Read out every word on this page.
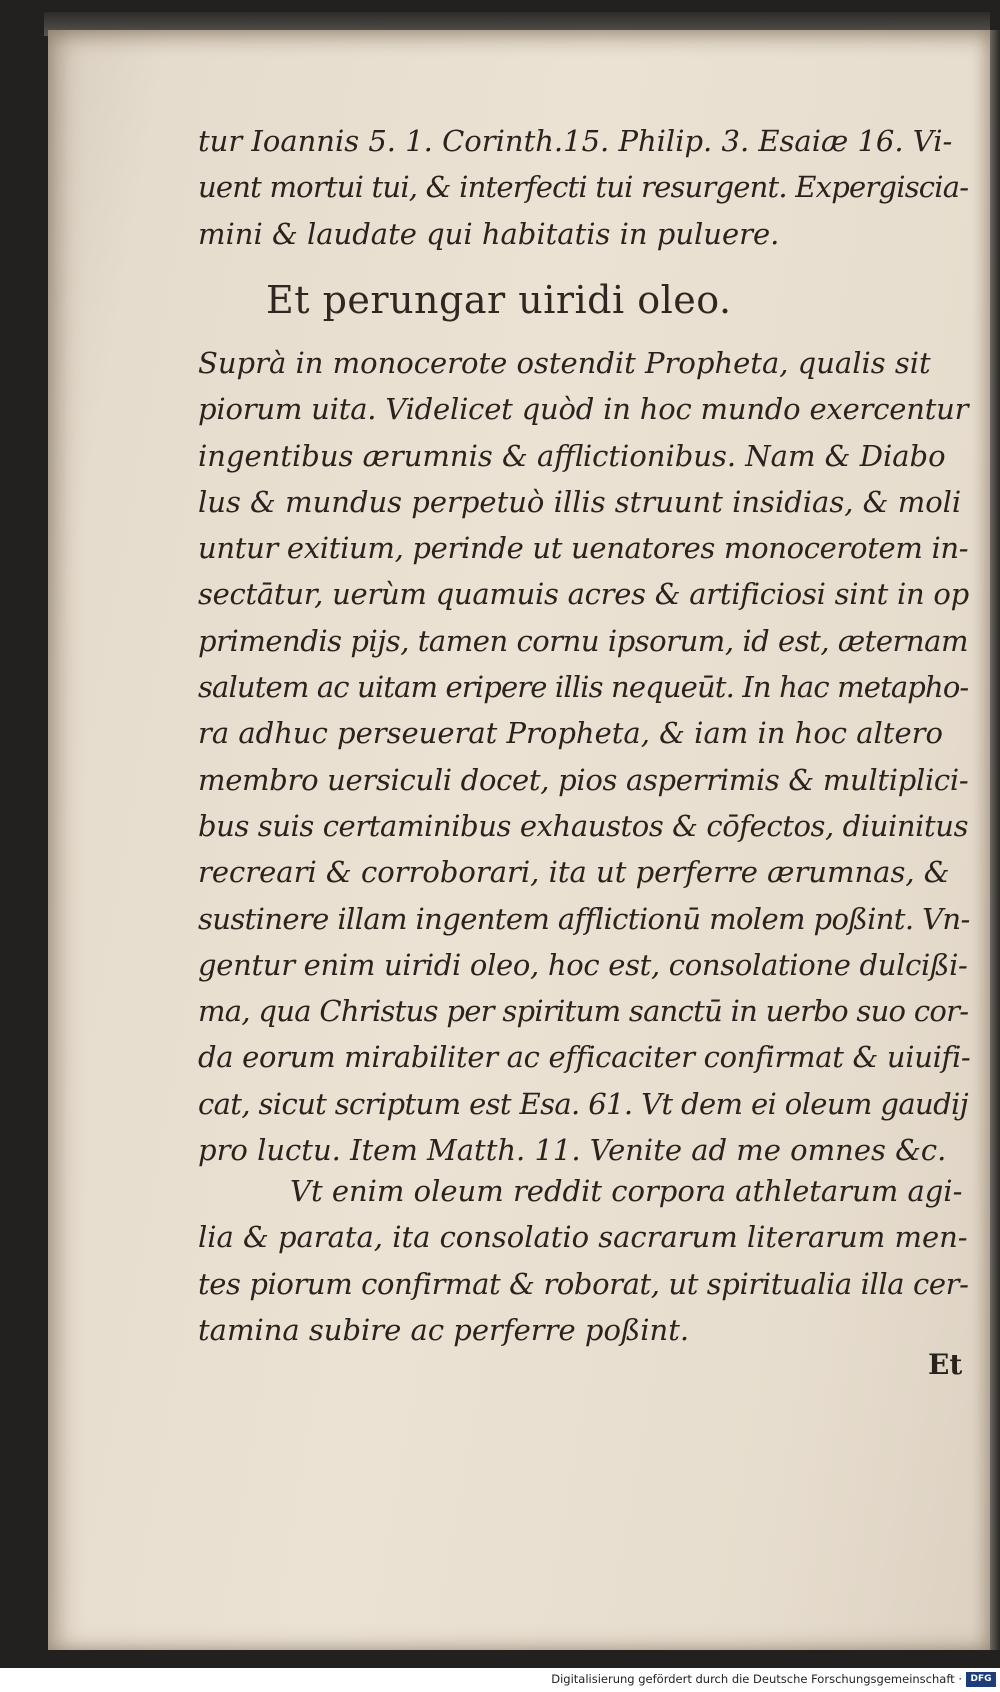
tur Ioannis 5. 1. Corinth.15. Philip. 3. Esaiæ 16. Vi-
uent mortui tui, & interfecti tui resurgent. Expergiscia-
mini & laudate qui habitatis in puluere.
Et perungar uiridi oleo.
Suprà in monocerote ostendit Propheta, qualis sit
piorum uita. Videlicet quòd in hoc mundo exercentur
ingentibus ærumnis & afflictionibus. Nam & Diabo
lus & mundus perpetuò illis struunt insidias, & moli
untur exitium, perinde ut uenatores monocerotem in-
sectātur, uerùm quamuis acres & artificiosi sint in op
primendis pijs, tamen cornu ipsorum, id est, æternam
salutem ac uitam eripere illis nequeūt. In hac metapho-
ra adhuc perseuerat Propheta, & iam in hoc altero
membro uersiculi docet, pios asperrimis & multiplici-
bus suis certaminibus exhaustos & cōfectos, diuinitus
recreari & corroborari, ita ut perferre ærumnas, &
sustinere illam ingentem afflictionū molem poßint. Vn-
gentur enim uiridi oleo, hoc est, consolatione dulcißi-
ma, qua Christus per spiritum sanctū in uerbo suo cor-
da eorum mirabiliter ac efficaciter confirmat & uiuifi-
cat, sicut scriptum est Esa. 61. Vt dem ei oleum gaudij
pro luctu. Item Matth. 11. Venite ad me omnes &c.
Vt enim oleum reddit corpora athletarum agi-
lia & parata, ita consolatio sacrarum literarum men-
tes piorum confirmat & roborat, ut spiritualia illa cer-
tamina subire ac perferre poßint.
Et
Digitalisierung gefördert durch die Deutsche Forschungsgemeinschaft · DFG
